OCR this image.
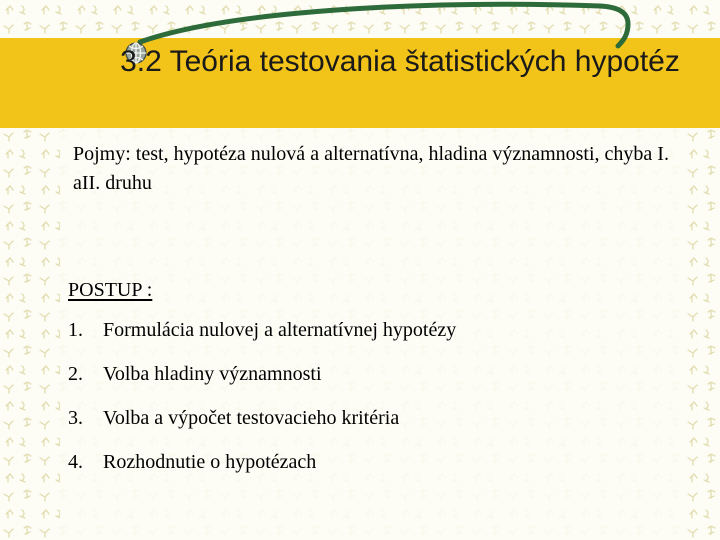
3.2 Teória testovania štatistických hypotéz
Pojmy: test, hypotéza nulová a alternatívna, hladina významnosti, chyba I. aII. druhu
POSTUP :
1. Formulácia nulovej a alternatívnej hypotézy
2. Volba hladiny významnosti
3. Volba a výpočet testovacieho kritéria
4. Rozhodnutie o hypotézach
